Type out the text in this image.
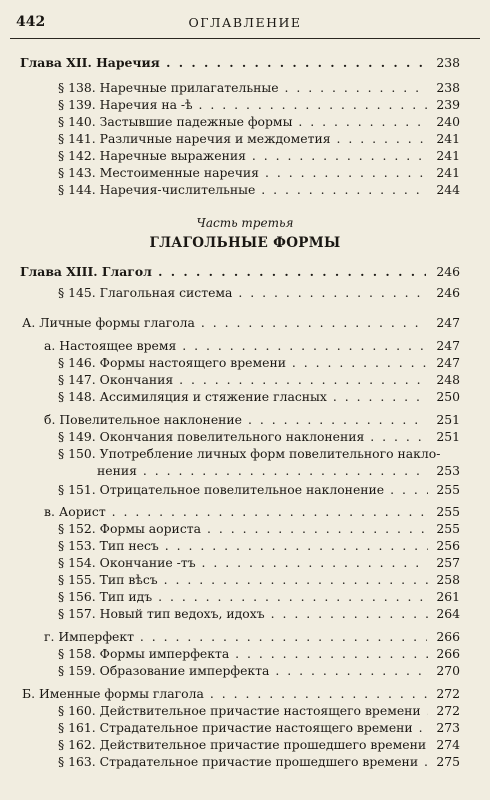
442	ОГЛАВЛЕНИЕ
Глава XII. Наречия . . .	238
§ 138. Наречные прилагательные . . .	238
§ 139. Наречия на -ѣ . . .	239
§ 140. Застывшие падежные формы . . .	240
§ 141. Различные наречия и междометия . . .	241
§ 142. Наречные выражения . . .	241
§ 143. Местоименные наречия . . .	241
§ 144. Наречия-числительные . . .	244
Часть третья
ГЛАГОЛЬНЫЕ ФОРМЫ
Глава XIII. Глагол . . .	246
§ 145. Глагольная система . . .	246
А. Личные формы глагола . . .	247
а. Настоящее время . . .	247
§ 146. Формы настоящего времени . . .	247
§ 147. Окончания . . .	248
§ 148. Ассимиляция и стяжение гласных . . .	250
б. Повелительное наклонение . . .	251
§ 149. Окончания повелительного наклонения . . .	251
§ 150. Употребление личных форм повелительного накло-
нения . . .	253
§ 151. Отрицательное повелительное наклонение . . .	255
в. Аорист . . .	255
§ 152. Формы аориста . . .	255
§ 153. Тип несъ . . .	256
§ 154. Окончание -тъ . . .	257
§ 155. Тип вѣсъ . . .	258
§ 156. Тип идъ . . .	261
§ 157. Новый тип ведохъ, идохъ . . .	264
г. Имперфект . . .	266
§ 158. Формы имперфекта . . .	266
§ 159. Образование имперфекта . . .	270
Б. Именные формы глагола . . .	272
§ 160. Действительное причастие настоящего времени . . .	272
§ 161. Страдательное причастие настоящего времени . . .	273
§ 162. Действительное причастие прошедшего времени . . . 274
§ 163. Страдательное причастие прошедшего времени . . .	275
